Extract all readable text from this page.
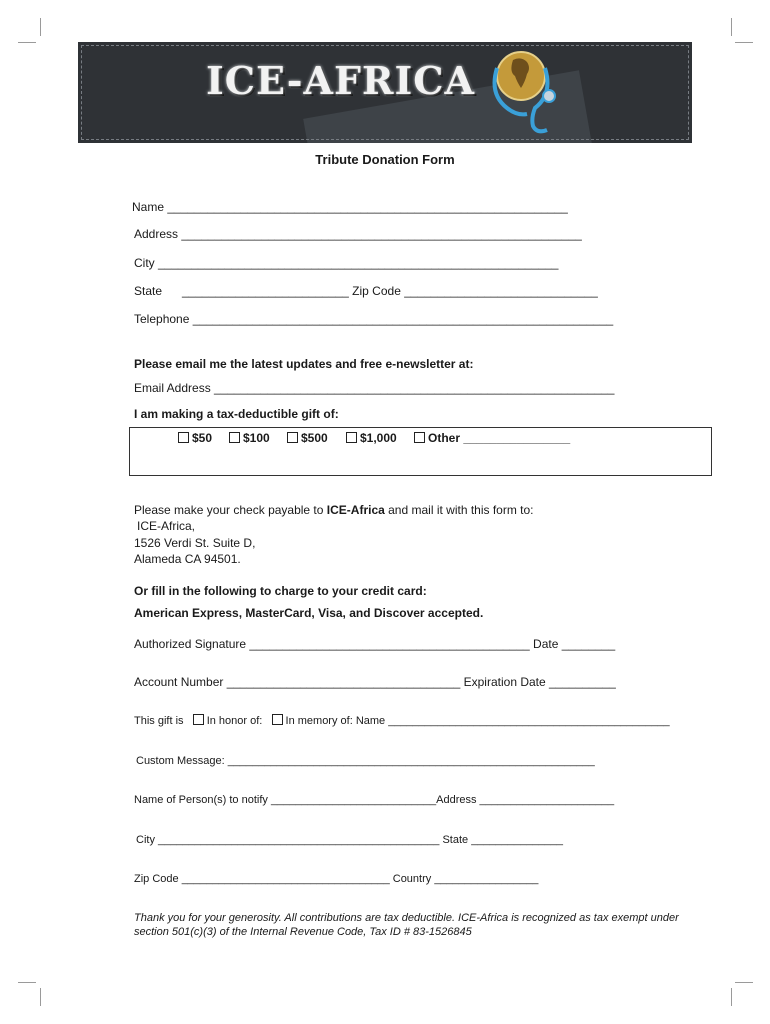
ICE-AFRICA
Tribute Donation Form
Name ____________________________________________________________
Address ____________________________________________________________
City ____________________________________________________________
State _________________________ Zip Code _____________________________
Telephone _______________________________________________________________
Please email me the latest updates and free e-newsletter at:
Email Address ____________________________________________________________
I am making a tax-deductible gift of:
$50	$100	$500	$1,000	Other ________________
Please make your check payable to ICE-Africa and mail it with this form to:
ICE-Africa,
1526 Verdi St. Suite D,
Alameda CA 94501.
Or fill in the following to charge to your credit card:
American Express, MasterCard, Visa, and Discover accepted.
Authorized Signature __________________________________________ Date ________
Account Number ___________________________________ Expiration Date __________
This gift is In honor of: In memory of: Name ______________________________________________
Custom Message: ____________________________________________________________
Name of Person(s) to notify ___________________________Address ______________________
City ______________________________________________ State _______________
Zip Code __________________________________ Country _________________
Thank you for your generosity. All contributions are tax deductible. ICE-Africa is recognized as tax exempt under section 501(c)(3) of the Internal Revenue Code, Tax ID # 83-1526845
